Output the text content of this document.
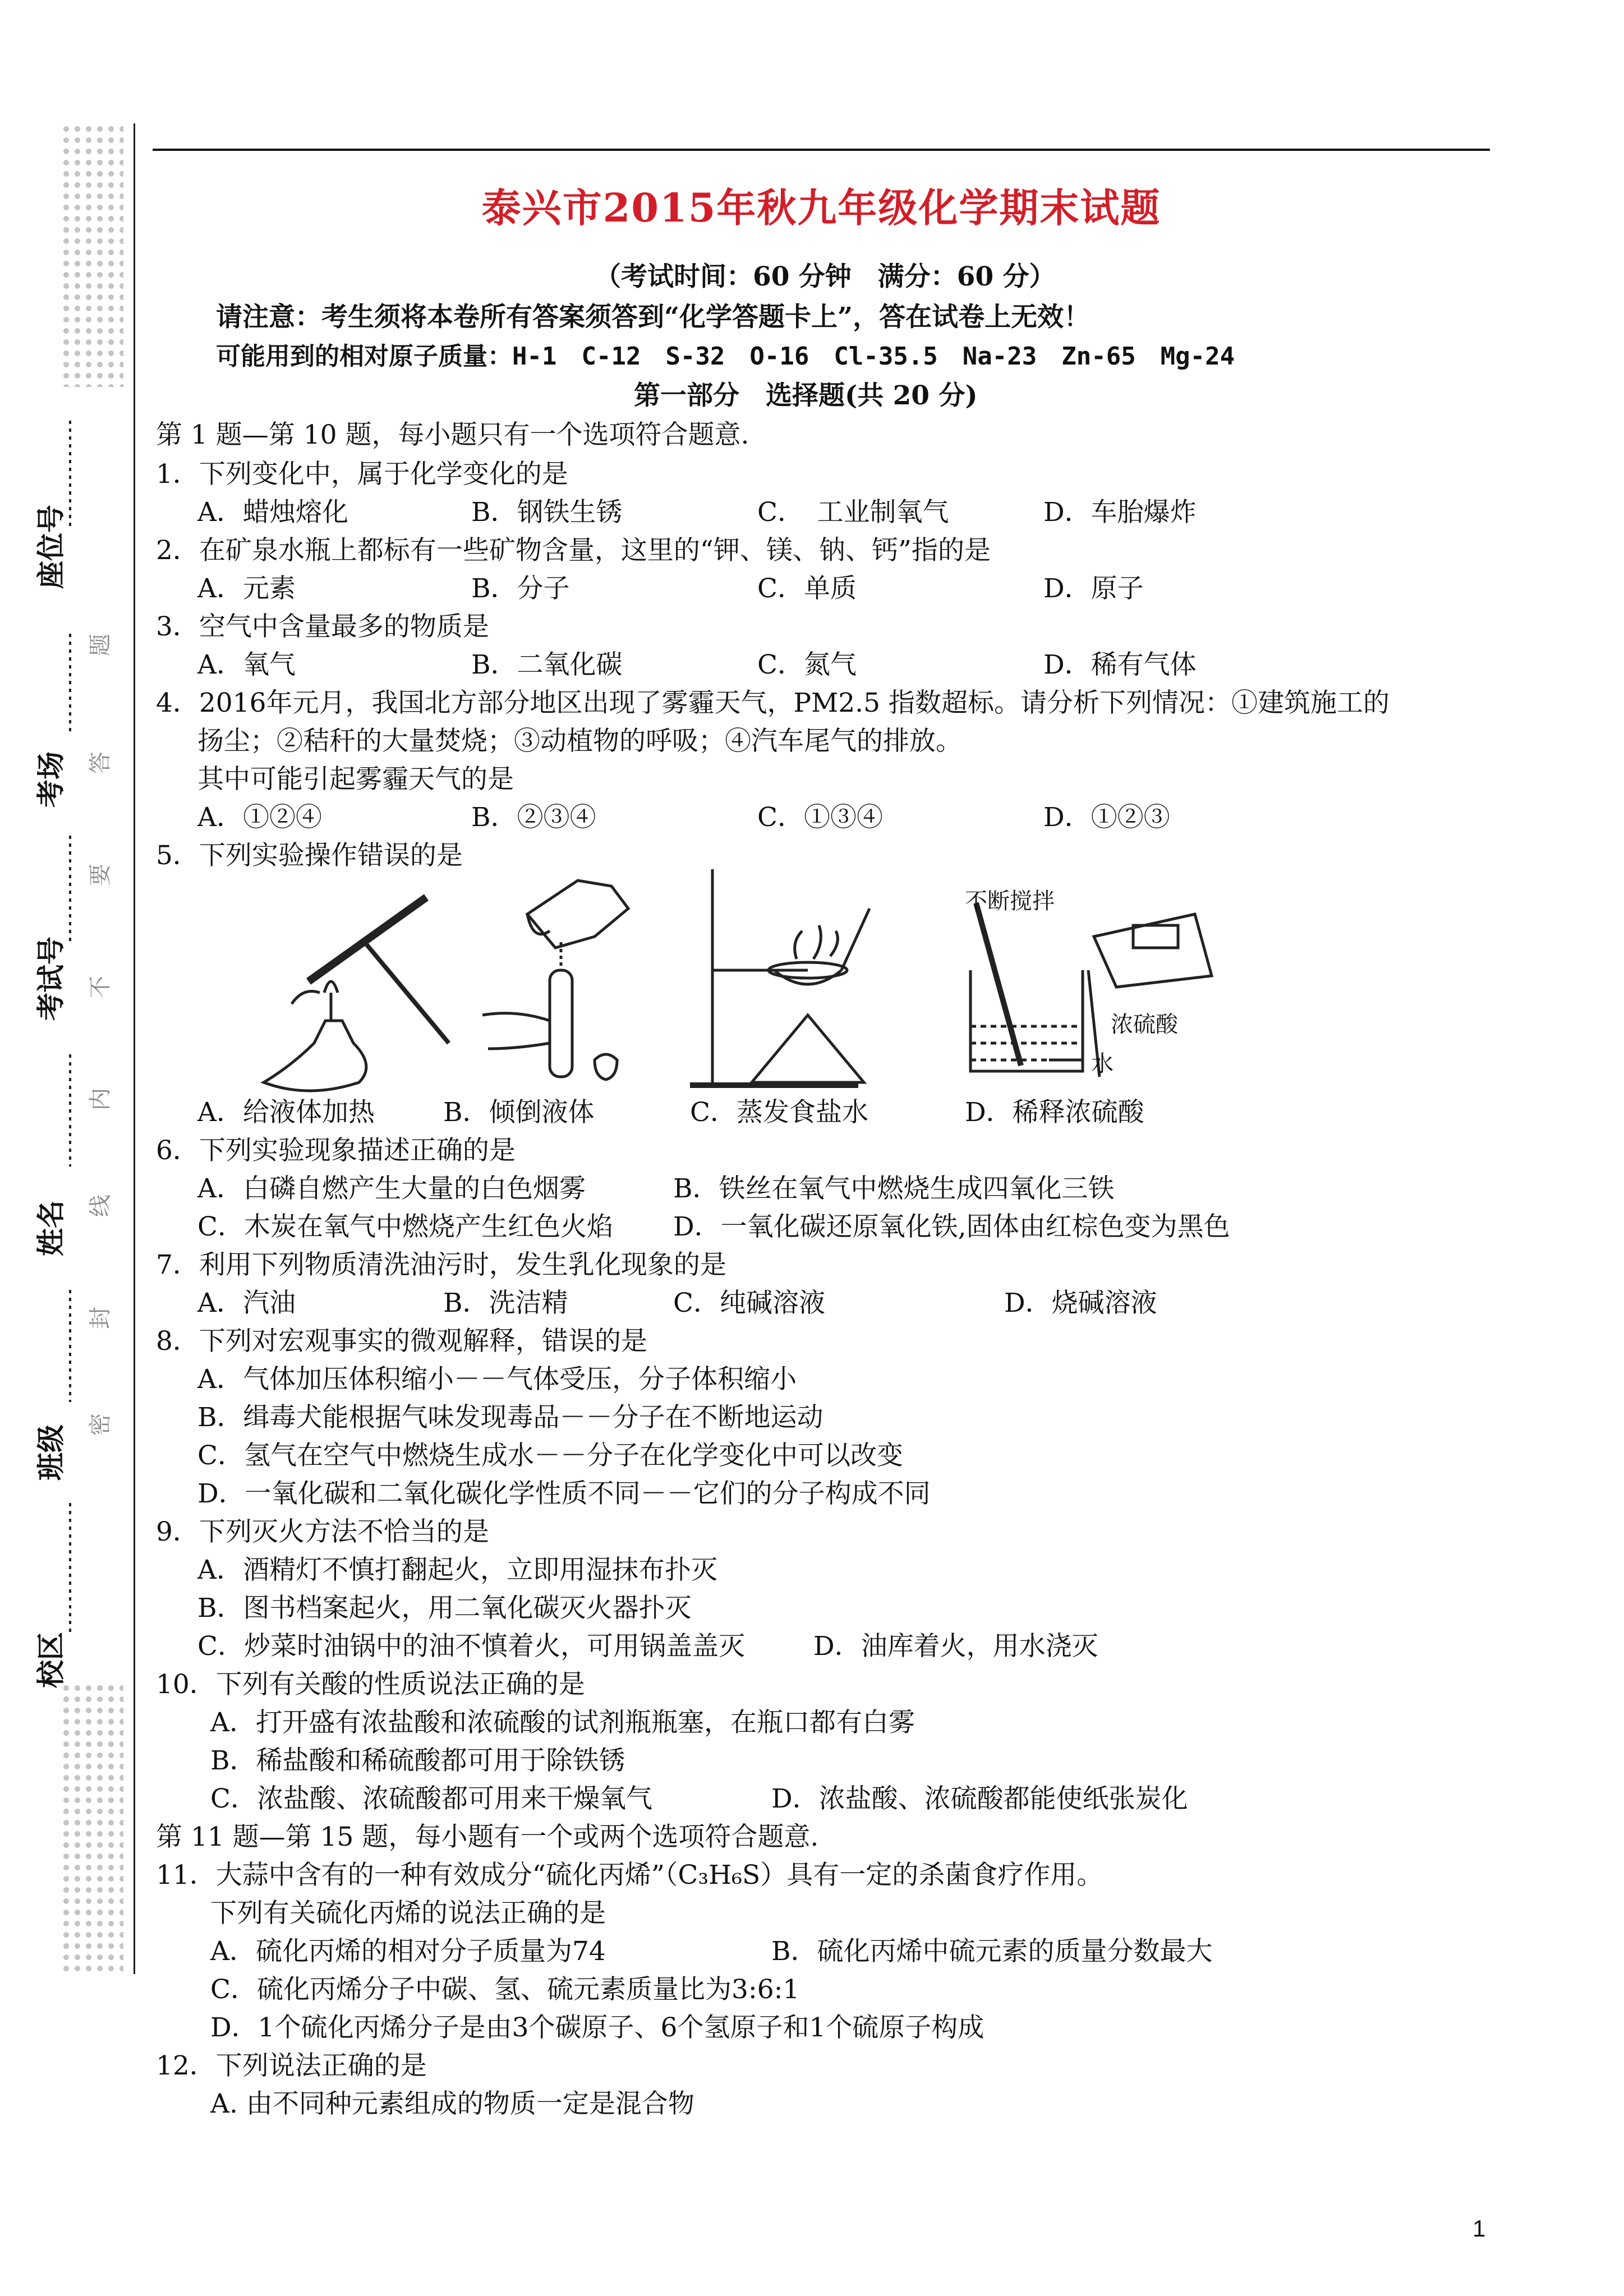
座位号
考场
考试号
姓名
班级
校区
题
答
要
不
内
线
封
密
泰兴市2015年秋九年级化学期末试题
（考试时间：60 分钟　满分：60 分）
请注意：考生须将本卷所有答案须答到“化学答题卡上”，答在试卷上无效！
可能用到的相对原子质量：H-1　C-12　S-32　O-16　Cl-35.5　Na-23　Zn-65　Mg-24
第一部分　选择题(共 20 分)
第 1 题—第 10 题，每小题只有一个选项符合题意.
1．下列变化中，属于化学变化的是
A．蜡烛熔化	B．钢铁生锈	C．　工业制氧气	D．车胎爆炸
2．在矿泉水瓶上都标有一些矿物含量，这里的“钾、镁、钠、钙”指的是
A．元素	B．分子	C．单质	D．原子
3．空气中含量最多的物质是
A．氧气	B．二氧化碳	C．氮气	D．稀有气体
4．2016年元月，我国北方部分地区出现了雾霾天气，PM2.5 指数超标。请分析下列情况：①建筑施工的
扬尘；②秸秆的大量焚烧；③动植物的呼吸；④汽车尾气的排放。
其中可能引起雾霾天气的是
A．①②④	B．②③④	C．①③④	D．①②③
5．下列实验操作错误的是
不断搅拌
浓硫酸
水
A．给液体加热	B．倾倒液体	C．蒸发食盐水	D．稀释浓硫酸
6．下列实验现象描述正确的是
A．白磷自燃产生大量的白色烟雾	B．铁丝在氧气中燃烧生成四氧化三铁
C．木炭在氧气中燃烧产生红色火焰 D．一氧化碳还原氧化铁,固体由红棕色变为黑色
7．利用下列物质清洗油污时，发生乳化现象的是
A．汽油	B．洗洁精	C．纯碱溶液	D．烧碱溶液
8．下列对宏观事实的微观解释，错误的是
A．气体加压体积缩小－－气体受压，分子体积缩小
B．缉毒犬能根据气味发现毒品－－分子在不断地运动
C．氢气在空气中燃烧生成水－－分子在化学变化中可以改变
D．一氧化碳和二氧化碳化学性质不同－－它们的分子构成不同
9．下列灭火方法不恰当的是
A．酒精灯不慎打翻起火，立即用湿抹布扑灭
B．图书档案起火，用二氧化碳灭火器扑灭
C．炒菜时油锅中的油不慎着火，可用锅盖盖灭	D．油库着火，用水浇灭
10．下列有关酸的性质说法正确的是
A．打开盛有浓盐酸和浓硫酸的试剂瓶瓶塞，在瓶口都有白雾
B．稀盐酸和稀硫酸都可用于除铁锈
C．浓盐酸、浓硫酸都可用来干燥氧气	D．浓盐酸、浓硫酸都能使纸张炭化
第 11 题—第 15 题，每小题有一个或两个选项符合题意.
11．大蒜中含有的一种有效成分“硫化丙烯”（C₃H₆S）具有一定的杀菌食疗作用。
下列有关硫化丙烯的说法正确的是
A．硫化丙烯的相对分子质量为74	B．硫化丙烯中硫元素的质量分数最大
C．硫化丙烯分子中碳、氢、硫元素质量比为3:6:1
D．1个硫化丙烯分子是由3个碳原子、6个氢原子和1个硫原子构成
12．下列说法正确的是
A. 由不同种元素组成的物质一定是混合物
1
